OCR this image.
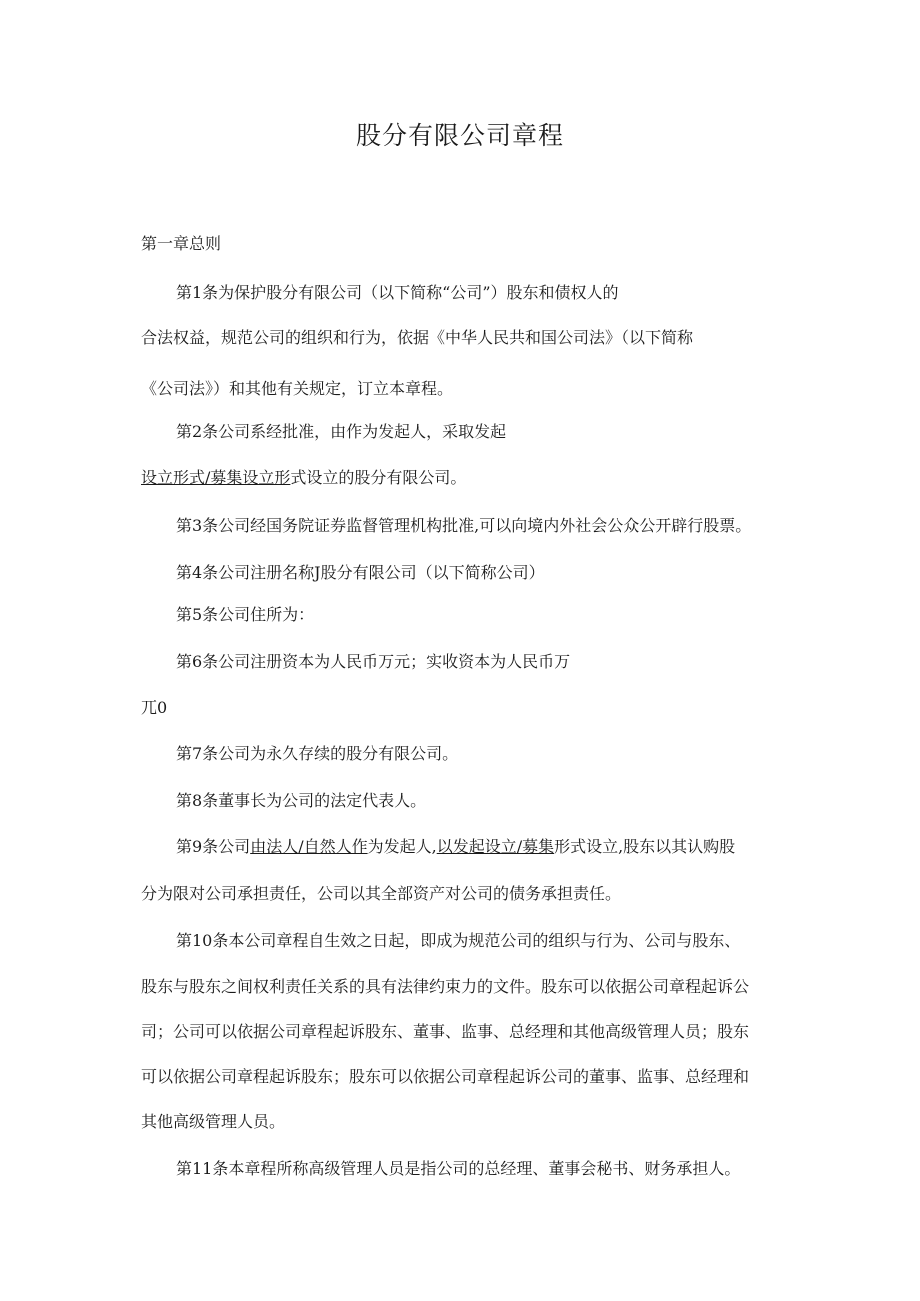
股分有限公司章程
第一章总则
第1条为保护股分有限公司（以下简称“公司”）股东和债权人的
合法权益，规范公司的组织和行为，依据《中华人民共和国公司法》（以下简称
《公司法》）和其他有关规定，订立本章程。
第2条公司系经批准，由作为发起人，采取发起
设立形式/募集设立形式设立的股分有限公司。
第3条公司经国务院证券监督管理机构批准,可以向境内外社会公众公开辟行股票。
第4条公司注册名称J股分有限公司（以下简称公司）
第5条公司住所为：
第6条公司注册资本为人民币万元；实收资本为人民币万
兀0
第7条公司为永久存续的股分有限公司。
第8条董事长为公司的法定代表人。
第9条公司由法人/自然人作为发起人,以发起设立/募集形式设立,股东以其认购股
分为限对公司承担责任，公司以其全部资产对公司的债务承担责任。
第10条本公司章程自生效之日起，即成为规范公司的组织与行为、公司与股东、
股东与股东之间权利责任关系的具有法律约束力的文件。股东可以依据公司章程起诉公
司；公司可以依据公司章程起诉股东、董事、监事、总经理和其他高级管理人员；股东
可以依据公司章程起诉股东；股东可以依据公司章程起诉公司的董事、监事、总经理和
其他高级管理人员。
第11条本章程所称高级管理人员是指公司的总经理、董事会秘书、财务承担人。
